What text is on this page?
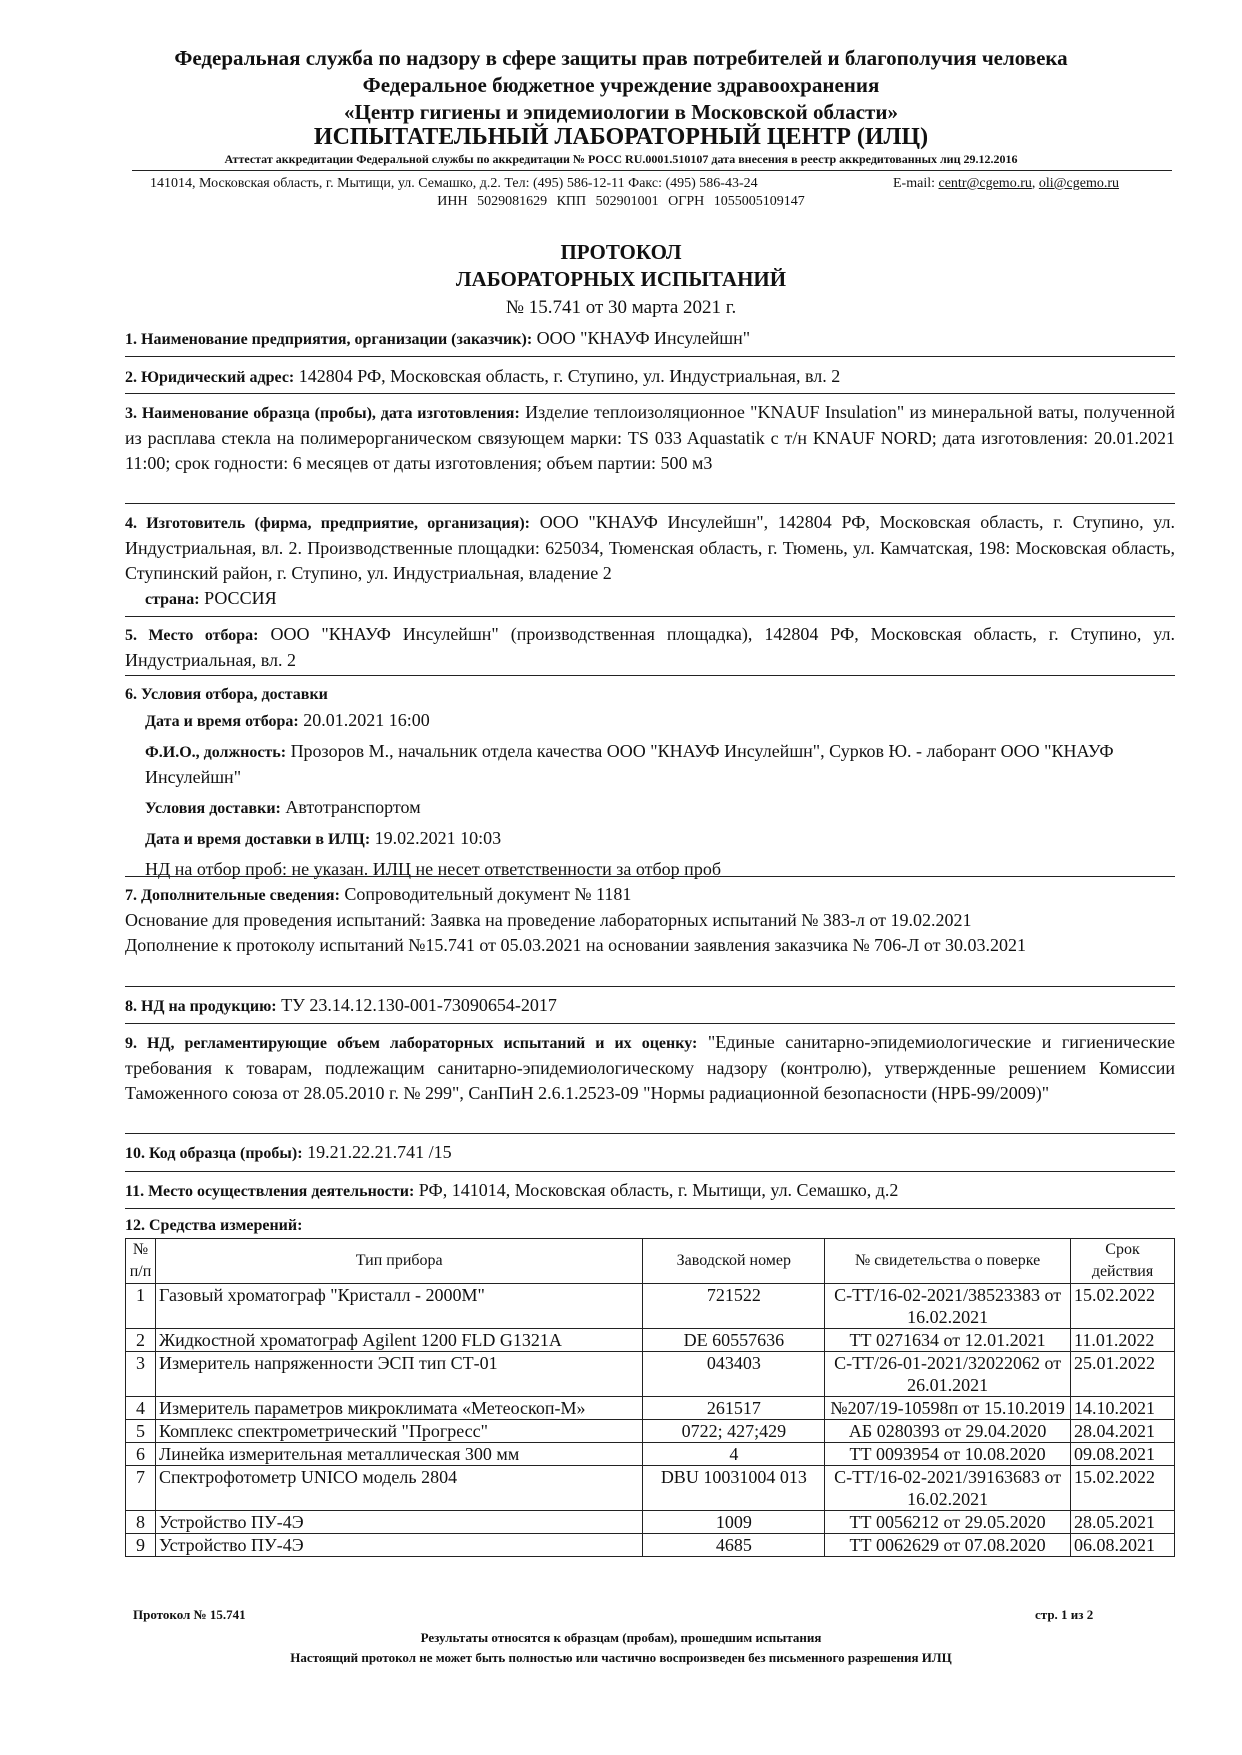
Федеральная служба по надзору в сфере защиты прав потребителей и благополучия человека
Федеральное бюджетное учреждение здравоохранения
«Центр гигиены и эпидемиологии в Московской области»
ИСПЫТАТЕЛЬНЫЙ ЛАБОРАТОРНЫЙ ЦЕНТР (ИЛЦ)
Аттестат аккредитации Федеральной службы по аккредитации № РОСС RU.0001.510107 дата внесения в реестр аккредитованных лиц 29.12.2016
141014, Московская область, г. Мытищи, ул. Семашко, д.2. Тел: (495) 586-12-11 Факс: (495) 586-43-24	E-mail: centr@cgemo.ru, oli@cgemo.ru
ИНН 5029081629 КПП 502901001 ОГРН 1055005109147
ПРОТОКОЛ
ЛАБОРАТОРНЫХ ИСПЫТАНИЙ
№ 15.741 от 30 марта 2021 г.
1. Наименование предприятия, организации (заказчик): ООО "КНАУФ Инсулейшн"
2. Юридический адрес: 142804 РФ, Московская область, г. Ступино, ул. Индустриальная, вл. 2
3. Наименование образца (пробы), дата изготовления: Изделие теплоизоляционное "KNAUF Insulation" из минеральной ваты, полученной из расплава стекла на полимерорганическом связующем марки: TS 033 Aquastatik с т/н KNAUF NORD; дата изготовления: 20.01.2021 11:00; срок годности: 6 месяцев от даты изготовления; объем партии: 500 м3
4. Изготовитель (фирма, предприятие, организация): ООО "КНАУФ Инсулейшн", 142804 РФ, Московская область, г. Ступино, ул. Индустриальная, вл. 2. Производственные площадки: 625034, Тюменская область, г. Тюмень, ул. Камчатская, 198: Московская область, Ступинский район, г. Ступино, ул. Индустриальная, владение 2
страна: РОССИЯ
5. Место отбора: ООО "КНАУФ Инсулейшн" (производственная площадка), 142804 РФ, Московская область, г. Ступино, ул. Индустриальная, вл. 2
6. Условия отбора, доставки
Дата и время отбора: 20.01.2021 16:00
Ф.И.О., должность: Прозоров М., начальник отдела качества ООО "КНАУФ Инсулейшн", Сурков Ю. - лаборант ООО "КНАУФ Инсулейшн"
Условия доставки: Автотранспортом
Дата и время доставки в ИЛЦ: 19.02.2021 10:03
НД на отбор проб: не указан. ИЛЦ не несет ответственности за отбор проб
7. Дополнительные сведения: Сопроводительный документ № 1181
Основание для проведения испытаний: Заявка на проведение лабораторных испытаний № 383-л от 19.02.2021
Дополнение к протоколу испытаний №15.741 от 05.03.2021 на основании заявления заказчика № 706-Л от 30.03.2021
8. НД на продукцию: ТУ 23.14.12.130-001-73090654-2017
9. НД, регламентирующие объем лабораторных испытаний и их оценку: "Единые санитарно-эпидемиологические и гигиенические требования к товарам, подлежащим санитарно-эпидемиологическому надзору (контролю), утвержденные решением Комиссии Таможенного союза от 28.05.2010 г. № 299", СанПиН 2.6.1.2523-09 "Нормы радиационной безопасности (НРБ-99/2009)"
10. Код образца (пробы): 19.21.22.21.741 /15
11. Место осуществления деятельности: РФ, 141014, Московская область, г. Мытищи, ул. Семашко, д.2
12. Средства измерений:
№ п/п	Тип прибора	Заводской номер	№ свидетельства о поверке	Срок действия
1	Газовый хроматограф "Кристалл - 2000М"	721522	С-ТТ/16-02-2021/38523383 от 16.02.2021	15.02.2022
2	Жидкостной хроматограф Agilent 1200 FLD G1321A	DE 60557636	ТТ 0271634 от 12.01.2021	11.01.2022
3	Измеритель напряженности ЭСП тип СТ-01	043403	С-ТТ/26-01-2021/32022062 от 26.01.2021	25.01.2022
4	Измеритель параметров микроклимата «Метеоскоп-М»	261517	№207/19-10598п от 15.10.2019	14.10.2021
5	Комплекс спектрометрический "Прогресс"	0722; 427;429	АБ 0280393 от 29.04.2020	28.04.2021
6	Линейка измерительная металлическая 300 мм	4	ТТ 0093954 от 10.08.2020	09.08.2021
7	Спектрофотометр UNICO модель 2804	DBU 10031004 013	С-ТТ/16-02-2021/39163683 от 16.02.2021	15.02.2022
8	Устройство ПУ-4Э	1009	ТТ 0056212 от 29.05.2020	28.05.2021
9	Устройство ПУ-4Э	4685	ТТ 0062629 от 07.08.2020	06.08.2021
Протокол № 15.741	стр. 1 из 2
Результаты относятся к образцам (пробам), прошедшим испытания
Настоящий протокол не может быть полностью или частично воспроизведен без письменного разрешения ИЛЦ
